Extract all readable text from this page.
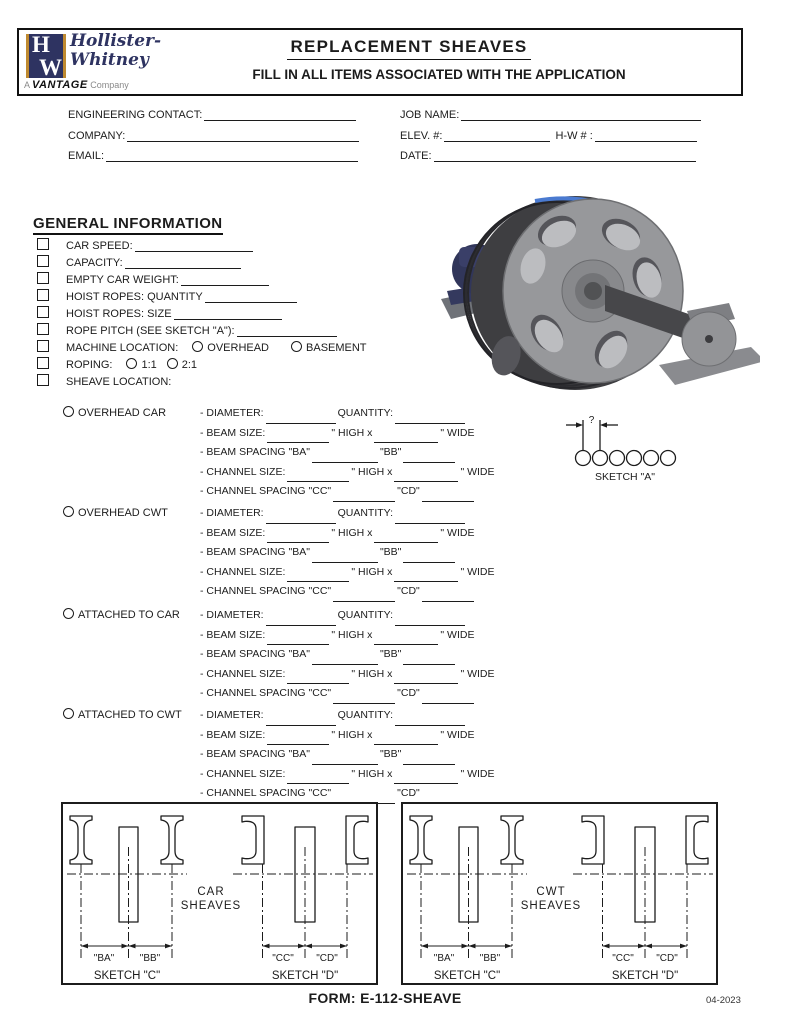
H
W
Hollister-
Whitney
A VANTAGE Company
REPLACEMENT SHEAVES
FILL IN ALL ITEMS ASSOCIATED WITH THE APPLICATION
ENGINEERING CONTACT:
COMPANY:
EMAIL:
JOB NAME:
ELEV. #:	H-W # :
DATE:
GENERAL INFORMATION
CAR SPEED:
CAPACITY:
EMPTY CAR WEIGHT:
HOIST ROPES: QUANTITY
HOIST ROPES: SIZE
ROPE PITCH (SEE SKETCH "A"):
MACHINE LOCATION:	OVERHEAD	BASEMENT
ROPING:	1:1 2:1
SHEAVE LOCATION:
OVERHEAD CAR	- DIAMETER:	QUANTITY:
- BEAM SIZE:	" HIGH x	" WIDE
- BEAM SPACING "BA"	"BB"
- CHANNEL SIZE:	" HIGH x	" WIDE
- CHANNEL SPACING "CC"	"CD"
OVERHEAD CWT	- DIAMETER:	QUANTITY:
- BEAM SIZE:	" HIGH x	" WIDE
- BEAM SPACING "BA"	"BB"
- CHANNEL SIZE:	" HIGH x	" WIDE
- CHANNEL SPACING "CC"	"CD"
ATTACHED TO CAR - DIAMETER:	QUANTITY:
- BEAM SIZE:	" HIGH x	" WIDE
- BEAM SPACING "BA"	"BB"
- CHANNEL SIZE:	" HIGH x	" WIDE
- CHANNEL SPACING "CC"	"CD"
ATTACHED TO CWT - DIAMETER:	QUANTITY:
- BEAM SIZE:	" HIGH x	" WIDE
- BEAM SPACING "BA"	"BB"
- CHANNEL SIZE:	" HIGH x	" WIDE
- CHANNEL SPACING "CC"	"CD"
?
SKETCH "A"
CAR
SHEAVES
"BA"	"BB"	"CC" "CD"
SKETCH "C"	SKETCH "D"
CWT
SHEAVES
"BA"	"BB"	"CC" "CD"
SKETCH "C"	SKETCH "D"
FORM: E-112-SHEAVE	04-2023
